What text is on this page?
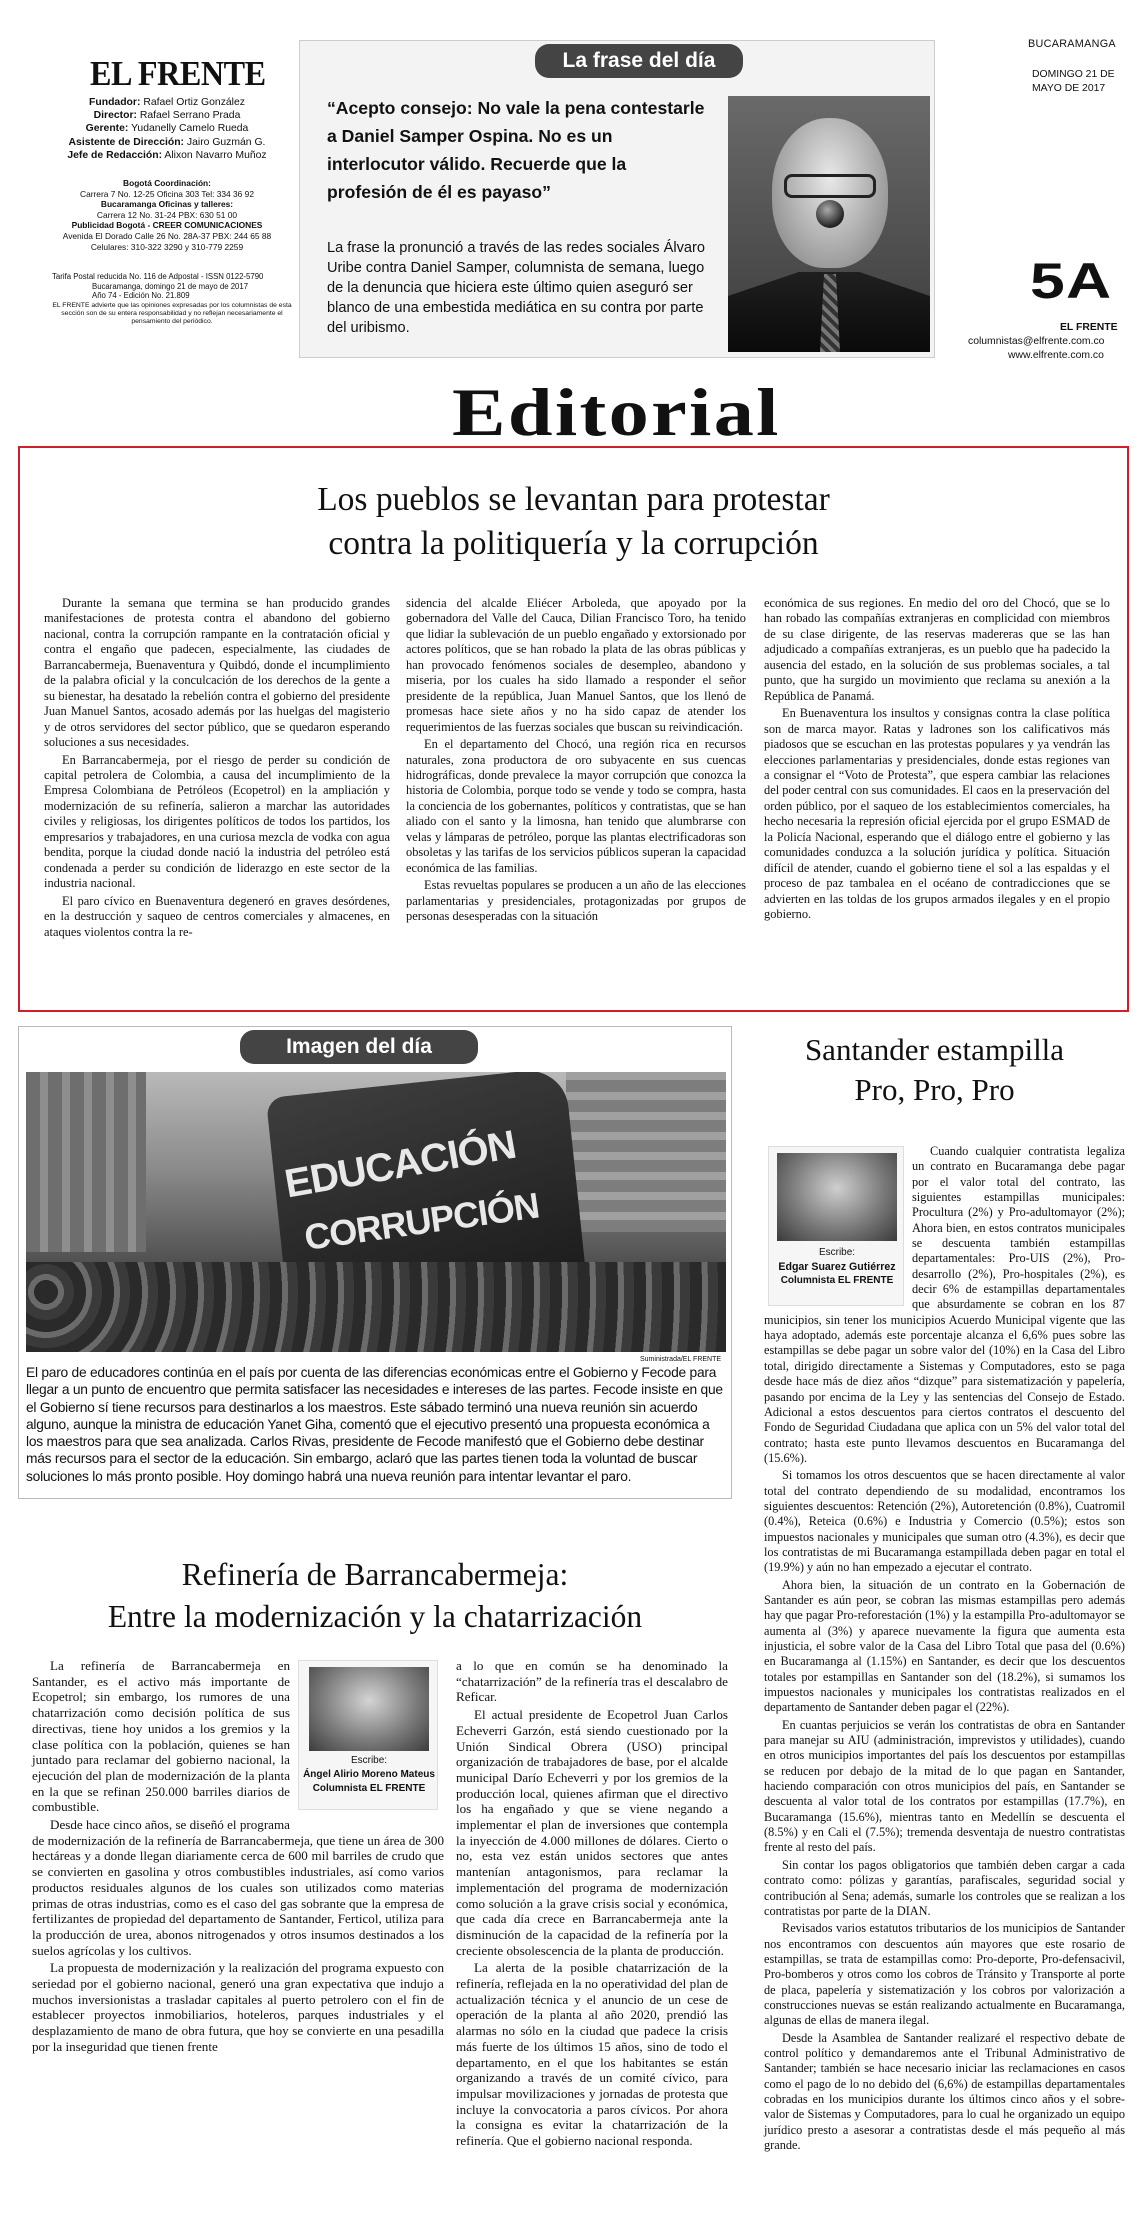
EL FRENTE
Fundador: Rafael Ortiz González
Director: Rafael Serrano Prada
Gerente: Yudanelly Camelo Rueda
Asistente de Dirección: Jairo Guzmán G.
Jefe de Redacción: Alixon Navarro Muñoz
Bogotá Coordinación:
Carrera 7 No. 12-25 Oficina 303 Tel: 334 36 92
Bucaramanga Oficinas y talleres:
Carrera 12 No. 31-24 PBX: 630 51 00
Publicidad Bogotá - CREER COMUNICACIONES
Avenida El Dorado Calle 26 No. 28A-37 PBX: 244 65 88
Celulares: 310-322 3290 y 310-779 2259
Tarifa Postal reducida No. 116 de Adpostal - ISSN 0122-5790
Bucaramanga, domingo 21 de mayo de 2017
Año 74 - Edición No. 21.809
EL FRENTE advierte que las opiniones expresadas por los columnistas de esta sección son de su entera responsabilidad y no reflejan necesariamente el pensamiento del periódico.
La frase del día
“Acepto consejo: No vale la pena contestarle a Daniel Samper Ospina. No es un interlocutor válido. Recuerde que la profesión de él es payaso”
La frase la pronunció a través de las redes sociales Álvaro Uribe contra Daniel Samper, columnista de semana, luego de la denuncia que hiciera este último quien aseguró ser blanco de una embestida mediática en su contra por parte del uribismo.
BUCARAMANGA
DOMINGO 21 DE MAYO DE 2017
5A
EL FRENTE
columnistas@elfrente.com.co
www.elfrente.com.co
Editorial
Los pueblos se levantan para protestar
contra la politiquería y la corrupción

Durante la semana que termina se han producido grandes manifestaciones de protesta contra el abandono del gobierno nacional, contra la corrupción rampante en la contratación oficial y contra el engaño que padecen, especialmente, las ciudades de Barrancabermeja, Buenaventura y Quibdó, donde el incumplimiento de la palabra oficial y la conculcación de los derechos de la gente a su bienestar, ha desatado la rebelión contra el gobierno del presidente Juan Manuel Santos, acosado además por las huelgas del magisterio y de otros servidores del sector público, que se quedaron esperando soluciones a sus necesidades.

En Barrancabermeja, por el riesgo de perder su condición de capital petrolera de Colombia, a causa del incumplimiento de la Empresa Colombiana de Petróleos (Ecopetrol) en la ampliación y modernización de su refinería, salieron a marchar las autoridades civiles y religiosas, los dirigentes políticos de todos los partidos, los empresarios y trabajadores, en una curiosa mezcla de vodka con agua bendita, porque la ciudad donde nació la industria del petróleo está condenada a perder su condición de liderazgo en este sector de la industria nacional.

El paro cívico en Buenaventura degeneró en graves desórdenes, en la destrucción y saqueo de centros comerciales y almacenes, en ataques violentos contra la re-

sidencia del alcalde Eliécer Arboleda, que apoyado por la gobernadora del Valle del Cauca, Dilian Francisco Toro, ha tenido que lidiar la sublevación de un pueblo engañado y extorsionado por actores políticos, que se han robado la plata de las obras públicas y han provocado fenómenos sociales de desempleo, abandono y miseria, por los cuales ha sido llamado a responder el señor presidente de la república, Juan Manuel Santos, que los llenó de promesas hace siete años y no ha sido capaz de atender los requerimientos de las fuerzas sociales que buscan su reivindicación.

En el departamento del Chocó, una región rica en recursos naturales, zona productora de oro subyacente en sus cuencas hidrográficas, donde prevalece la mayor corrupción que conozca la historia de Colombia, porque todo se vende y todo se compra, hasta la conciencia de los gobernantes, políticos y contratistas, que se han aliado con el santo y la limosna, han tenido que alumbrarse con velas y lámparas de petróleo, porque las plantas electrificadoras son obsoletas y las tarifas de los servicios públicos superan la capacidad económica de las familias.

Estas revueltas populares se producen a un año de las elecciones parlamentarias y presidenciales, protagonizadas por grupos de personas desesperadas con la situación

económica de sus regiones. En medio del oro del Chocó, que se lo han robado las compañías extranjeras en complicidad con miembros de su clase dirigente, de las reservas madereras que se las han adjudicado a compañías extranjeras, es un pueblo que ha padecido la ausencia del estado, en la solución de sus problemas sociales, a tal punto, que ha surgido un movimiento que reclama su anexión a la República de Panamá.

En Buenaventura los insultos y consignas contra la clase política son de marca mayor. Ratas y ladrones son los calificativos más piadosos que se escuchan en las protestas populares y ya vendrán las elecciones parlamentarias y presidenciales, donde estas regiones van a consignar el “Voto de Protesta”, que espera cambiar las relaciones del poder central con sus comunidades. El caos en la preservación del orden público, por el saqueo de los establecimientos comerciales, ha hecho necesaria la represión oficial ejercida por el grupo ESMAD de la Policía Nacional, esperando que el diálogo entre el gobierno y las comunidades conduzca a la solución jurídica y política. Situación difícil de atender, cuando el gobierno tiene el sol a las espaldas y el proceso de paz tambalea en el océano de contradicciones que se advierten en las toldas de los grupos armados ilegales y en el propio gobierno.

Imagen del día
EDUCACIÓN
CORRUPCIÓN
Suministrada/EL FRENTE
El paro de educadores continúa en el país por cuenta de las diferencias económicas entre el Gobierno y Fecode para llegar a un punto de encuentro que permita satisfacer las necesidades e intereses de las partes. Fecode insiste en que el Gobierno sí tiene recursos para destinarlos a los maestros. Este sábado terminó una nueva reunión sin acuerdo alguno, aunque la ministra de educación Yanet Giha, comentó que el ejecutivo presentó una propuesta económica a los maestros para que sea analizada. Carlos Rivas, presidente de Fecode manifestó que el Gobierno debe destinar más recursos para el sector de la educación. Sin embargo, aclaró que las partes tienen toda la voluntad de buscar soluciones lo más pronto posible. Hoy domingo habrá una nueva reunión para intentar levantar el paro.
Santander estampilla
Pro, Pro, Pro
Escribe:
Edgar Suarez Gutiérrez
Columnista EL FRENTE

Cuando cualquier contratista legaliza un contrato en Bucaramanga debe pagar por el valor total del contrato, las siguientes estampillas municipales: Procultura (2%) y Pro-adultomayor (2%); Ahora bien, en estos contratos municipales se descuenta también estampillas departamentales: Pro-UIS (2%), Pro-desarrollo (2%), Pro-hospitales (2%), es decir 6% de estampillas departamentales que absurdamente se cobran en los 87 municipios, sin tener los municipios Acuerdo Municipal vigente que las haya adoptado, además este porcentaje alcanza el 6,6% pues sobre las estampillas se debe pagar un sobre valor del (10%) en la Casa del Libro total, dirigido directamente a Sistemas y Computadores, esto se paga desde hace más de diez años “dizque” para sistematización y papelería, pasando por encima de la Ley y las sentencias del Consejo de Estado. Adicional a estos descuentos para ciertos contratos el descuento del Fondo de Seguridad Ciudadana que aplica con un 5% del valor total del contrato; hasta este punto llevamos descuentos en Bucaramanga del (15.6%).

Si tomamos los otros descuentos que se hacen directamente al valor total del contrato dependiendo de su modalidad, encontramos los siguientes descuentos: Retención (2%), Autoretención (0.8%), Cuatromil (0.4%), Reteica (0.6%) e Industria y Comercio (0.5%); estos son impuestos nacionales y municipales que suman otro (4.3%), es decir que los contratistas de mi Bucaramanga estampillada deben pagar en total el (19.9%) y aún no han empezado a ejecutar el contrato.

Ahora bien, la situación de un contrato en la Gobernación de Santander es aún peor, se cobran las mismas estampillas pero además hay que pagar Pro-reforestación (1%) y la estampilla Pro-adultomayor se aumenta al (3%) y aparece nuevamente la figura que aumenta esta injusticia, el sobre valor de la Casa del Libro Total que pasa del (0.6%) en Bucaramanga al (1.15%) en Santander, es decir que los descuentos totales por estampillas en Santander son del (18.2%), si sumamos los impuestos nacionales y municipales los contratistas realizados en el departamento de Santander deben pagar el (22%).

En cuantas perjuicios se verán los contratistas de obra en Santander para manejar su AIU (administración, imprevistos y utilidades), cuando en otros municipios importantes del país los descuentos por estampillas se reducen por debajo de la mitad de lo que pagan en Santander, haciendo comparación con otros municipios del país, en Santander se descuenta al valor total de los contratos por estampillas (17.7%), en Bucaramanga (15.6%), mientras tanto en Medellín se descuenta el (8.5%) y en Cali el (7.5%); tremenda desventaja de nuestro contratistas frente al resto del país.

Sin contar los pagos obligatorios que también deben cargar a cada contrato como: pólizas y garantías, parafiscales, seguridad social y contribución al Sena; además, sumarle los controles que se realizan a los contratistas por parte de la DIAN.

Revisados varios estatutos tributarios de los municipios de Santander nos encontramos con descuentos aún mayores que este rosario de estampillas, se trata de estampillas como: Pro-deporte, Pro-defensacivil, Pro-bomberos y otros como los cobros de Tránsito y Transporte al porte de placa, papelería y sistematización y los cobros por valorización a construcciones nuevas se están realizando actualmente en Bucaramanga, algunas de ellas de manera ilegal.

Desde la Asamblea de Santander realizaré el respectivo debate de control político y demandaremos ante el Tribunal Administrativo de Santander; también se hace necesario iniciar las reclamaciones en casos como el pago de lo no debido del (6,6%) de estampillas departamentales cobradas en los municipios durante los últimos cinco años y el sobre-valor de Sistemas y Computadores, para lo cual he organizado un equipo jurídico presto a asesorar a contratistas desde el más pequeño al más grande.

Refinería de Barrancabermeja:
Entre la modernización y la chatarrización
Escribe:
Ángel Alirio Moreno Mateus
Columnista EL FRENTE

La refinería de Barrancabermeja en Santander, es el activo más importante de Ecopetrol; sin embargo, los rumores de una chatarrización como decisión política de sus directivas, tiene hoy unidos a los gremios y la clase política con la población, quienes se han juntado para reclamar del gobierno nacional, la ejecución del plan de modernización de la planta en la que se refinan 250.000 barriles diarios de combustible.

Desde hace cinco años, se diseñó el programa de modernización de la refinería de Barrancabermeja, que tiene un área de 300 hectáreas y a donde llegan diariamente cerca de 600 mil barriles de crudo que se convierten en gasolina y otros combustibles industriales, así como varios productos residuales algunos de los cuales son utilizados como materias primas de otras industrias, como es el caso del gas sobrante que la empresa de fertilizantes de propiedad del departamento de Santander, Ferticol, utiliza para la producción de urea, abonos nitrogenados y otros insumos destinados a los suelos agrícolas y los cultivos.

La propuesta de modernización y la realización del programa expuesto con seriedad por el gobierno nacional, generó una gran expectativa que indujo a muchos inversionistas a trasladar capitales al puerto petrolero con el fin de establecer proyectos inmobiliarios, hoteleros, parques industriales y el desplazamiento de mano de obra futura, que hoy se convierte en una pesadilla por la inseguridad que tienen frente

a lo que en común se ha denominado la “chatarrización” de la refinería tras el descalabro de Reficar.

El actual presidente de Ecopetrol Juan Carlos Echeverri Garzón, está siendo cuestionado por la Unión Sindical Obrera (USO) principal organización de trabajadores de base, por el alcalde municipal Darío Echeverri y por los gremios de la producción local, quienes afirman que el directivo los ha engañado y que se viene negando a implementar el plan de inversiones que contempla la inyección de 4.000 millones de dólares. Cierto o no, esta vez están unidos sectores que antes mantenían antagonismos, para reclamar la implementación del programa de modernización como solución a la grave crisis social y económica, que cada día crece en Barrancabermeja ante la disminución de la capacidad de la refinería por la creciente obsolescencia de la planta de producción.

La alerta de la posible chatarrización de la refinería, reflejada en la no operatividad del plan de actualización técnica y el anuncio de un cese de operación de la planta al año 2020, prendió las alarmas no sólo en la ciudad que padece la crisis más fuerte de los últimos 15 años, sino de todo el departamento, en el que los habitantes se están organizando a través de un comité cívico, para impulsar movilizaciones y jornadas de protesta que incluye la convocatoria a paros cívicos. Por ahora la consigna es evitar la chatarrización de la refinería. Que el gobierno nacional responda.
